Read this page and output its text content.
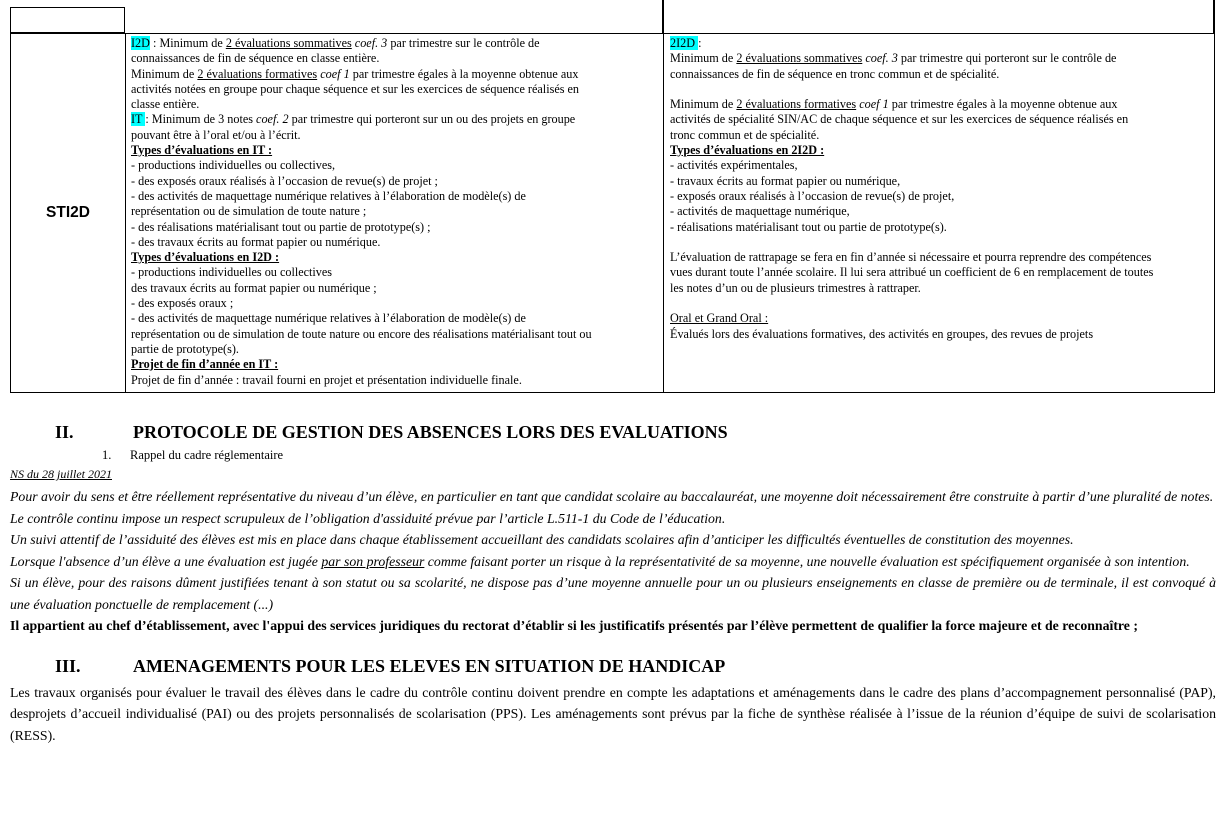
STI2D
I2D : Minimum de 2 évaluations sommatives coef. 3 par trimestre sur le contrôle de
connaissances de fin de séquence en classe entière.
Minimum de 2 évaluations formatives coef 1 par trimestre égales à la moyenne obtenue aux
activités notées en groupe pour chaque séquence et sur les exercices de séquence réalisés en
classe entière.
IT : Minimum de 3 notes coef. 2 par trimestre qui porteront sur un ou des projets en groupe
pouvant être à l’oral et/ou à l’écrit.
Types d’évaluations en IT :
- productions individuelles ou collectives,
- des exposés oraux réalisés à l’occasion de revue(s) de projet ;
- des activités de maquettage numérique relatives à l’élaboration de modèle(s) de
représentation ou de simulation de toute nature ;
- des réalisations matérialisant tout ou partie de prototype(s) ;
- des travaux écrits au format papier ou numérique.
Types d’évaluations en I2D :
- productions individuelles ou collectives
des travaux écrits au format papier ou numérique ;
- des exposés oraux ;
- des activités de maquettage numérique relatives à l’élaboration de modèle(s) de
représentation ou de simulation de toute nature ou encore des réalisations matérialisant tout ou
partie de prototype(s).
Projet de fin d’année en IT :
Projet de fin d’année : travail fourni en projet et présentation individuelle finale.
2I2D :
Minimum de 2 évaluations sommatives coef. 3 par trimestre qui porteront sur le contrôle de
connaissances de fin de séquence en tronc commun et de spécialité.

Minimum de 2 évaluations formatives coef 1 par trimestre égales à la moyenne obtenue aux
activités de spécialité SIN/AC de chaque séquence et sur les exercices de séquence réalisés en
tronc commun et de spécialité.
Types d’évaluations en 2I2D :
- activités expérimentales,
- travaux écrits au format papier ou numérique,
- exposés oraux réalisés à l’occasion de revue(s) de projet,
- activités de maquettage numérique,
- réalisations matérialisant tout ou partie de prototype(s).

L’évaluation de rattrapage se fera en fin d’année si nécessaire et pourra reprendre des compétences
vues durant toute l’année scolaire. Il lui sera attribué un coefficient de 6 en remplacement de toutes
les notes d’un ou de plusieurs trimestres à rattraper.

Oral et Grand Oral :
Évalués lors des évaluations formatives, des activités en groupes, des revues de projets
II.	PROTOCOLE DE GESTION DES ABSENCES LORS DES EVALUATIONS
1. Rappel du cadre réglementaire
NS du 28 juillet 2021
Pour avoir du sens et être réellement représentative du niveau d’un élève, en particulier en tant que candidat scolaire au baccalauréat, une moyenne doit nécessairement être construite à partir d’une pluralité de notes.
Le contrôle continu impose un respect scrupuleux de l’obligation d'assiduité prévue par l’article L.511-1 du Code de l’éducation.
Un suivi attentif de l’assiduité des élèves est mis en place dans chaque établissement accueillant des candidats scolaires afin d’anticiper les difficultés éventuelles de constitution des moyennes.
Lorsque l'absence d’un élève a une évaluation est jugée par son professeur comme faisant porter un risque à la représentativité de sa moyenne, une nouvelle évaluation est spécifiquement organisée à son intention.
Si un élève, pour des raisons dûment justifiées tenant à son statut ou sa scolarité, ne dispose pas d’une moyenne annuelle pour un ou plusieurs enseignements en classe de première ou de terminale, il est convoqué à une évaluation ponctuelle de remplacement (...)
Il appartient au chef d’établissement, avec l'appui des services juridiques du rectorat d’établir si les justificatifs présentés par l’élève permettent de qualifier la force majeure et de reconnaître ;
III.	AMENAGEMENTS POUR LES ELEVES EN SITUATION DE HANDICAP
Les travaux organisés pour évaluer le travail des élèves dans le cadre du contrôle continu doivent prendre en compte les adaptations et aménagements dans le cadre des plans d’accompagnement personnalisé (PAP), desprojets d’accueil individualisé (PAI) ou des projets personnalisés de scolarisation (PPS). Les aménagements sont prévus par la fiche de synthèse réalisée à l’issue de la réunion d’équipe de suivi de scolarisation (RESS).
